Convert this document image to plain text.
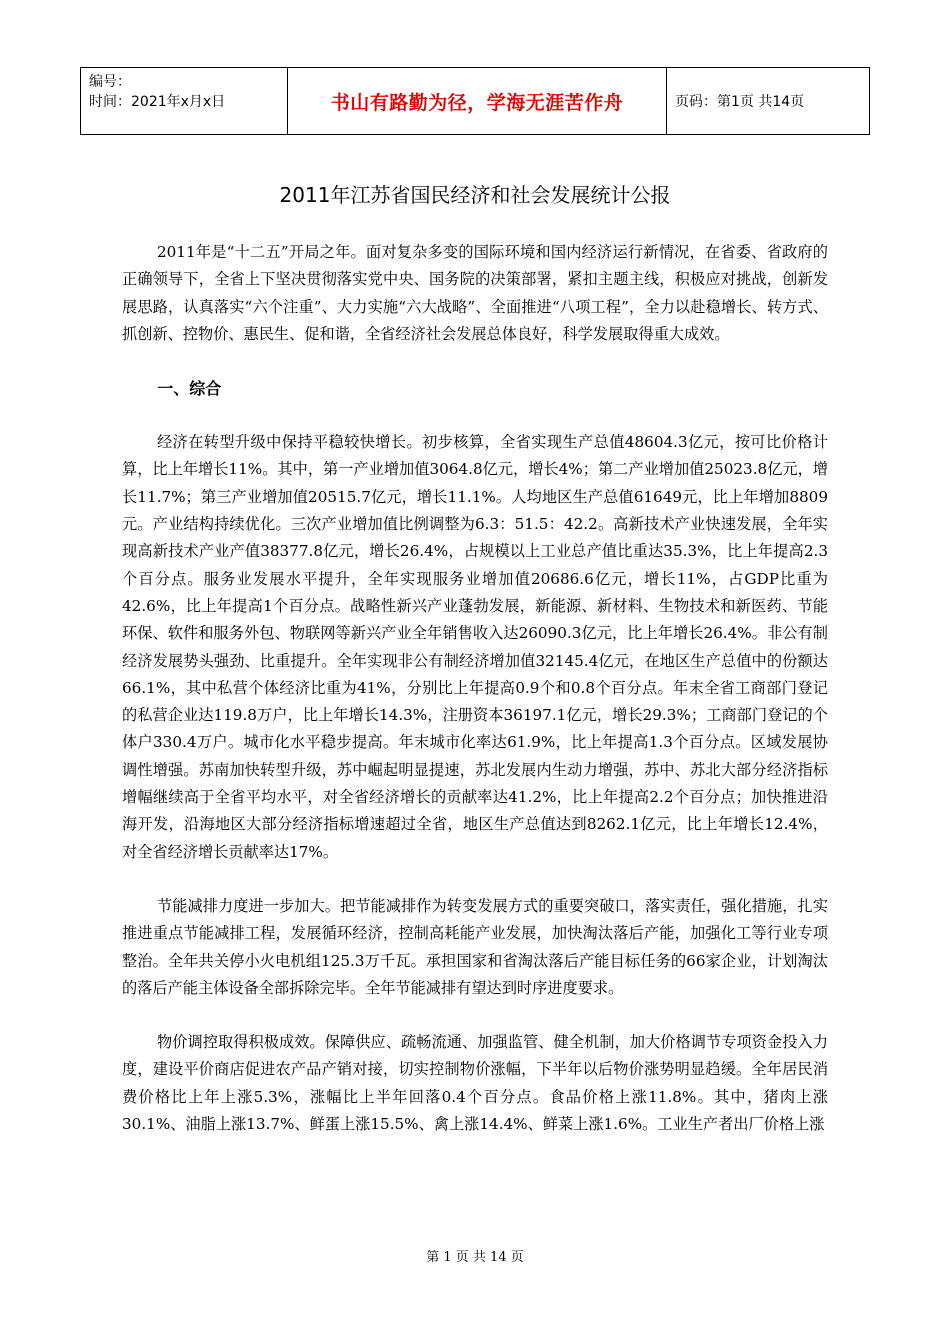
编号：
时间：2021年x月x日	书山有路勤为径，学海无涯苦作舟	页码：第1页 共14页
2011年江苏省国民经济和社会发展统计公报

2011年是“十二五”开局之年。面对复杂多变的国际环境和国内经济运行新情况，在省委、省政府的正确领导下，全省上下坚决贯彻落实党中央、国务院的决策部署，紧扣主题主线，积极应对挑战，创新发展思路，认真落实“六个注重”、大力实施“六大战略”、全面推进“八项工程”，全力以赴稳增长、转方式、抓创新、控物价、惠民生、促和谐，全省经济社会发展总体良好，科学发展取得重大成效。

一、综合

经济在转型升级中保持平稳较快增长。初步核算，全省实现生产总值48604.3亿元，按可比价格计算，比上年增长11%。其中，第一产业增加值3064.8亿元，增长4%；第二产业增加值25023.8亿元，增长11.7%；第三产业增加值20515.7亿元，增长11.1%。人均地区生产总值61649元，比上年增加8809元。产业结构持续优化。三次产业增加值比例调整为6.3：51.5：42.2。高新技术产业快速发展，全年实现高新技术产业产值38377.8亿元，增长26.4%，占规模以上工业总产值比重达35.3%，比上年提高2.3个百分点。服务业发展水平提升，全年实现服务业增加值20686.6亿元，增长11%，占GDP比重为42.6%，比上年提高1个百分点。战略性新兴产业蓬勃发展，新能源、新材料、生物技术和新医药、节能环保、软件和服务外包、物联网等新兴产业全年销售收入达26090.3亿元，比上年增长26.4%。非公有制经济发展势头强劲、比重提升。全年实现非公有制经济增加值32145.4亿元，在地区生产总值中的份额达66.1%，其中私营个体经济比重为41%，分别比上年提高0.9个和0.8个百分点。年末全省工商部门登记的私营企业达119.8万户，比上年增长14.3%，注册资本36197.1亿元，增长29.3%；工商部门登记的个体户330.4万户。城市化水平稳步提高。年末城市化率达61.9%，比上年提高1.3个百分点。区域发展协调性增强。苏南加快转型升级，苏中崛起明显提速，苏北发展内生动力增强，苏中、苏北大部分经济指标增幅继续高于全省平均水平，对全省经济增长的贡献率达41.2%，比上年提高2.2个百分点；加快推进沿海开发，沿海地区大部分经济指标增速超过全省，地区生产总值达到8262.1亿元，比上年增长12.4%，对全省经济增长贡献率达17%。

节能减排力度进一步加大。把节能减排作为转变发展方式的重要突破口，落实责任，强化措施，扎实推进重点节能减排工程，发展循环经济，控制高耗能产业发展，加快淘汰落后产能，加强化工等行业专项整治。全年共关停小火电机组125.3万千瓦。承担国家和省淘汰落后产能目标任务的66家企业，计划淘汰的落后产能主体设备全部拆除完毕。全年节能减排有望达到时序进度要求。

物价调控取得积极成效。保障供应、疏畅流通、加强监管、健全机制，加大价格调节专项资金投入力度，建设平价商店促进农产品产销对接，切实控制物价涨幅，下半年以后物价涨势明显趋缓。全年居民消费价格比上年上涨5.3%，涨幅比上半年回落0.4个百分点。食品价格上涨11.8%。其中，猪肉上涨30.1%、油脂上涨13.7%、鲜蛋上涨15.5%、禽上涨14.4%、鲜菜上涨1.6%。工业生产者出厂价格上涨

第 1 页 共 14 页
